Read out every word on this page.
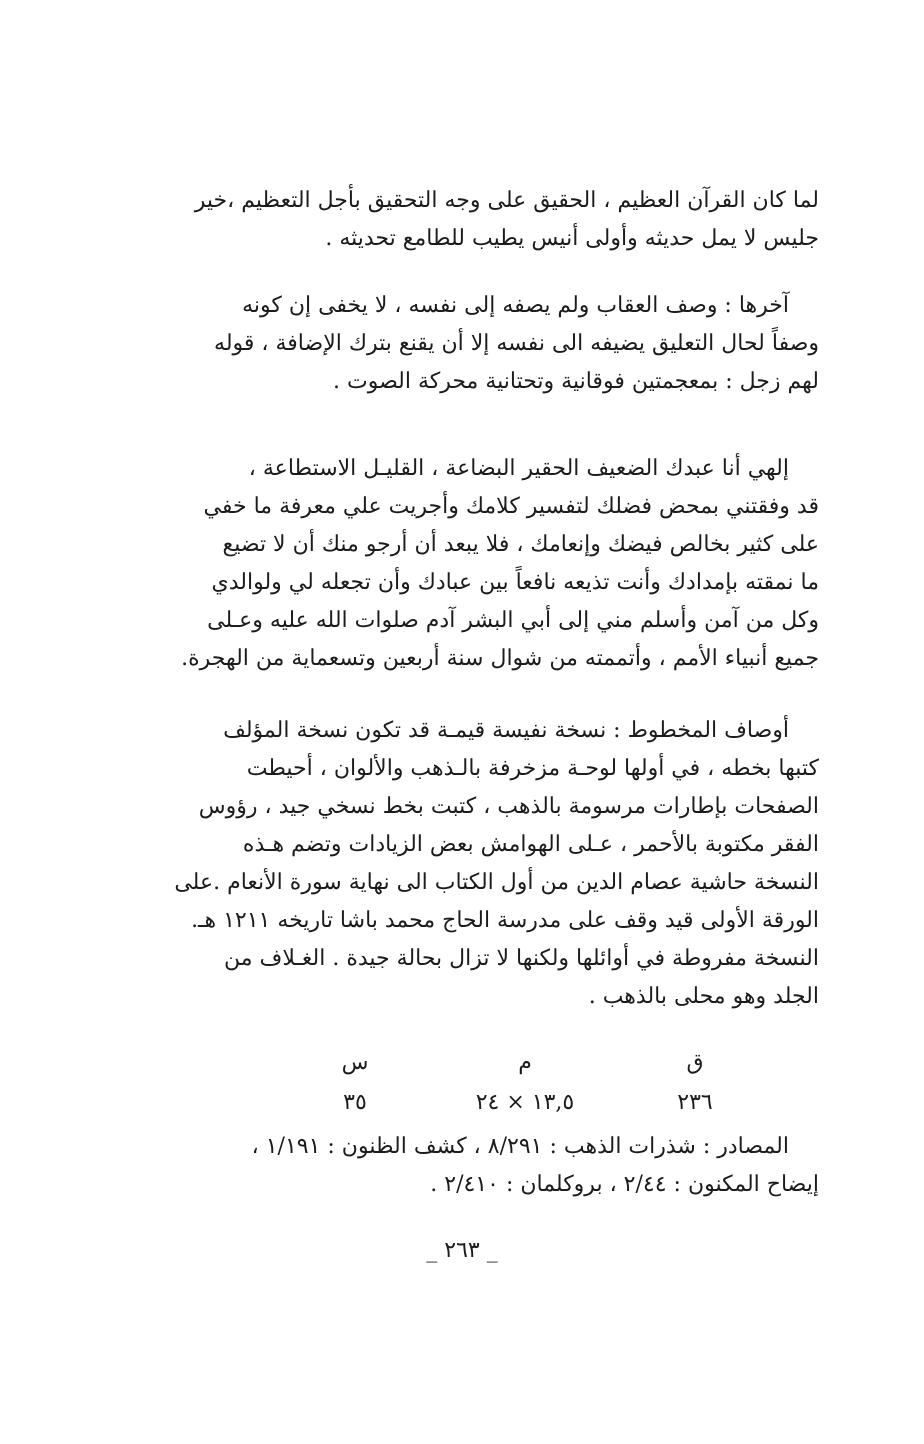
لما كان القرآن العظيم ، الحقيق على وجه التحقيق بأجل التعظيم ،خير
جليس لا يمل حديثه وأولى أنيس يطيب للطامع تحديثه .
آخرها : وصف العقاب ولم يصفه إلى نفسه ، لا يخفى إن كونه
وصفاً لحال التعليق يضيفه الى نفسه إلا أن يقنع بترك الإضافة ، قوله
لهم زجل : بمعجمتين فوقانية وتحتانية محركة الصوت .
إلهي أنا عبدك الضعيف الحقير البضاعة ، القليـل الاستطاعة ،
قد وفقتني بمحض فضلك لتفسير كلامك وأجريت علي معرفة ما خفي
على كثير بخالص فيضك وإنعامك ، فلا يبعد أن أرجو منك أن لا تضيع
ما نمقته بإمدادك وأنت تذيعه نافعاً بين عبادك وأن تجعله لي ولوالدي
وكل من آمن وأسلم مني إلى أبي البشر آدم صلوات الله عليه وعـلى
جميع أنبياء الأمم ، وأتممته من شوال سنة أربعين وتسعماية من الهجرة.
أوصاف المخطوط : نسخة نفيسة قيمـة قد تكون نسخة المؤلف
كتبها بخطه ، في أولها لوحـة مزخرفة بالـذهب والألوان ، أحيطت
الصفحات بإطارات مرسومة بالذهب ، كتبت بخط نسخي جيد ، رؤوس
الفقر مكتوبة بالأحمر ، عـلى الهوامش بعض الزيادات وتضم هـذه
النسخة حاشية عصام الدين من أول الكتاب الى نهاية سورة الأنعام .على
الورقة الأولى قيد وقف على مدرسة الحاج محمد باشا تاريخه ١٢١١ هـ.
النسخة مفروطة في أوائلها ولكنها لا تزال بحالة جيدة . الغـلاف من
الجلد وهو محلى بالذهب .
ق
م
س
٢٣٦
١٣,٥ × ٢٤
٣٥
المصادر : شذرات الذهب : ٨/٢٩١ ، كشف الظنون : ١/١٩١ ،
إيضاح المكنون : ٢/٤٤ ، بروكلمان : ٢/٤١٠ .
_ ٢٦٣ _
